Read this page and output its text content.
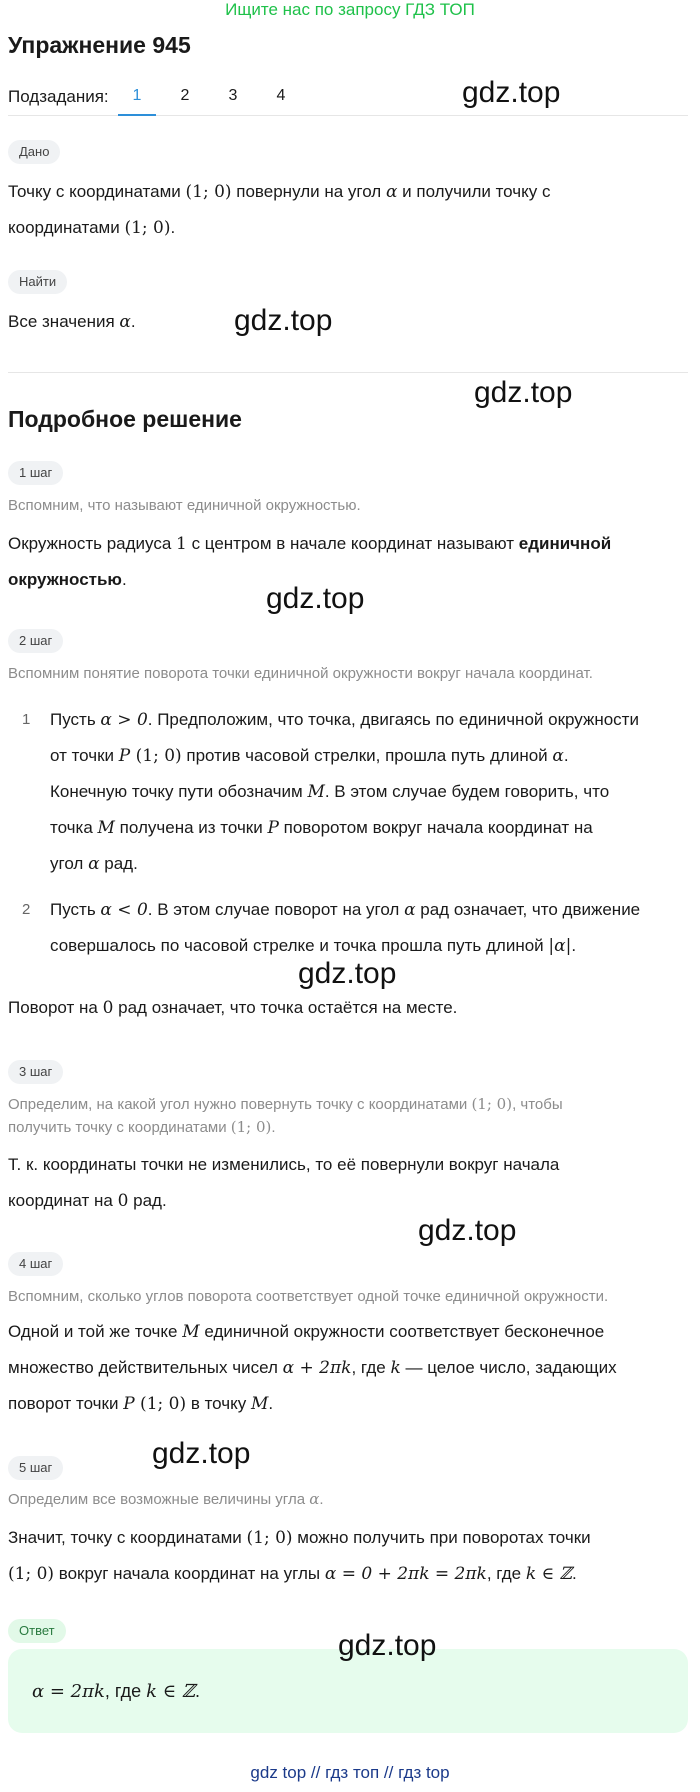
Ищите нас по запросу ГДЗ ТОП
Упражнение 945
Подзадания:	1	2	3	4
Дано
Точку с координатами (1; 0) повернули на угол α и получили точку с
координатами (1; 0).
Найти
Все значения α.
Подробное решение
1 шаг
Вспомним, что называют единичной окружностью.
Окружность радиуса 1 с центром в начале координат называют единичной
окружностью.
2 шаг
Вспомним понятие поворота точки единичной окружности вокруг начала координат.
1	Пусть α > 0. Предположим, что точка, двигаясь по единичной окружности
от точки P (1; 0) против часовой стрелки, прошла путь длиной α.
Конечную точку пути обозначим M. В этом случае будем говорить, что
точка M получена из точки P поворотом вокруг начала координат на
угол α рад.
2	Пусть α < 0. В этом случае поворот на угол α рад означает, что движение
совершалось по часовой стрелке и точка прошла путь длиной |α|.
Поворот на 0 рад означает, что точка остаётся на месте.
3 шаг
Определим, на какой угол нужно повернуть точку с координатами (1; 0), чтобы
получить точку с координатами (1; 0).
Т. к. координаты точки не изменились, то её повернули вокруг начала
координат на 0 рад.
4 шаг
Вспомним, сколько углов поворота соответствует одной точке единичной окружности.
Одной и той же точке M единичной окружности соответствует бесконечное
множество действительных чисел α + 2πk, где k — целое число, задающих
поворот точки P (1; 0) в точку M.
5 шаг
Определим все возможные величины угла α.
Значит, точку с координатами (1; 0) можно получить при поворотах точки
(1; 0) вокруг начала координат на углы α = 0 + 2πk = 2πk, где k ∈ ℤ.
Ответ
α = 2πk, где k ∈ ℤ.
gdz.top
gdz.top
gdz.top
gdz.top
gdz.top
gdz.top
gdz.top
gdz.top
gdz top // гдз топ // гдз top
